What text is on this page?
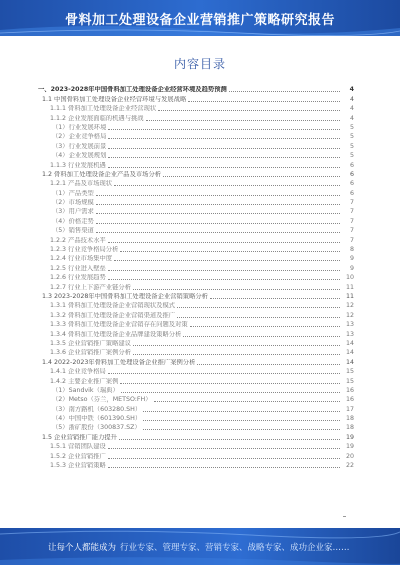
骨料加工处理设备企业营销推广策略研究报告
内容目录
一、2023-2028年中国骨料加工处理设备企业经营环境及趋势预测	4
1.1 中国骨料加工处理设备企业经营环境与发展战略	4
1.1.1 骨料加工处理设备企业经营现状	4
1.1.2 企业发展面临的机遇与挑战	4
（1）行业发展环境	5
（2）企业竞争格局	5
（3）行业发展前景	5
（4）企业发展规划	5
1.1.3 行业发展机遇	6
1.2 骨料加工处理设备企业产品及市场分析	6
1.2.1 产品及市场现状	6
（1）产品类型	6
（2）市场规模	7
（3）用户需求	7
（4）价格走势	7
（5）销售渠道	7
1.2.2 产品技术水平	7
1.2.3 行业竞争格局分析	8
1.2.4 行业市场集中度	9
1.2.5 行业进入壁垒	9
1.2.6 行业发展趋势	10
1.2.7 行业上下游产业链分析	11
1.3 2023-2028年中国骨料加工处理设备企业营销策略分析	11
1.3.1 骨料加工处理设备企业营销现状及模式	12
1.3.2 骨料加工处理设备企业营销渠道及推广	12
1.3.3 骨料加工处理设备企业营销存在问题及对策	13
1.3.4 骨料加工处理设备企业品牌建设策略分析	13
1.3.5 企业营销推广策略建议	14
1.3.6 企业营销推广案例分析	14
1.4 2022-2023年骨料加工处理设备企业推广案例分析	14
1.4.1 企业竞争格局	15
1.4.2 主要企业推广案例	15
（1）Sandvik（瑞典）	16
（2）Metso（芬兰，METSO:FH）	16
（3）南方路机（603280.SH）	17
（4）中国中铁（601390.SH）	18
（5）浙矿股份（300837.SZ）	18
1.5 企业营销推广能力提升	19
1.5.1 营销团队建设	19
1.5.2 企业营销推广	20
1.5.3 企业营销策略	22
让每个人都能成为 行业专家、管理专家、营销专家、战略专家、成功企业家……
